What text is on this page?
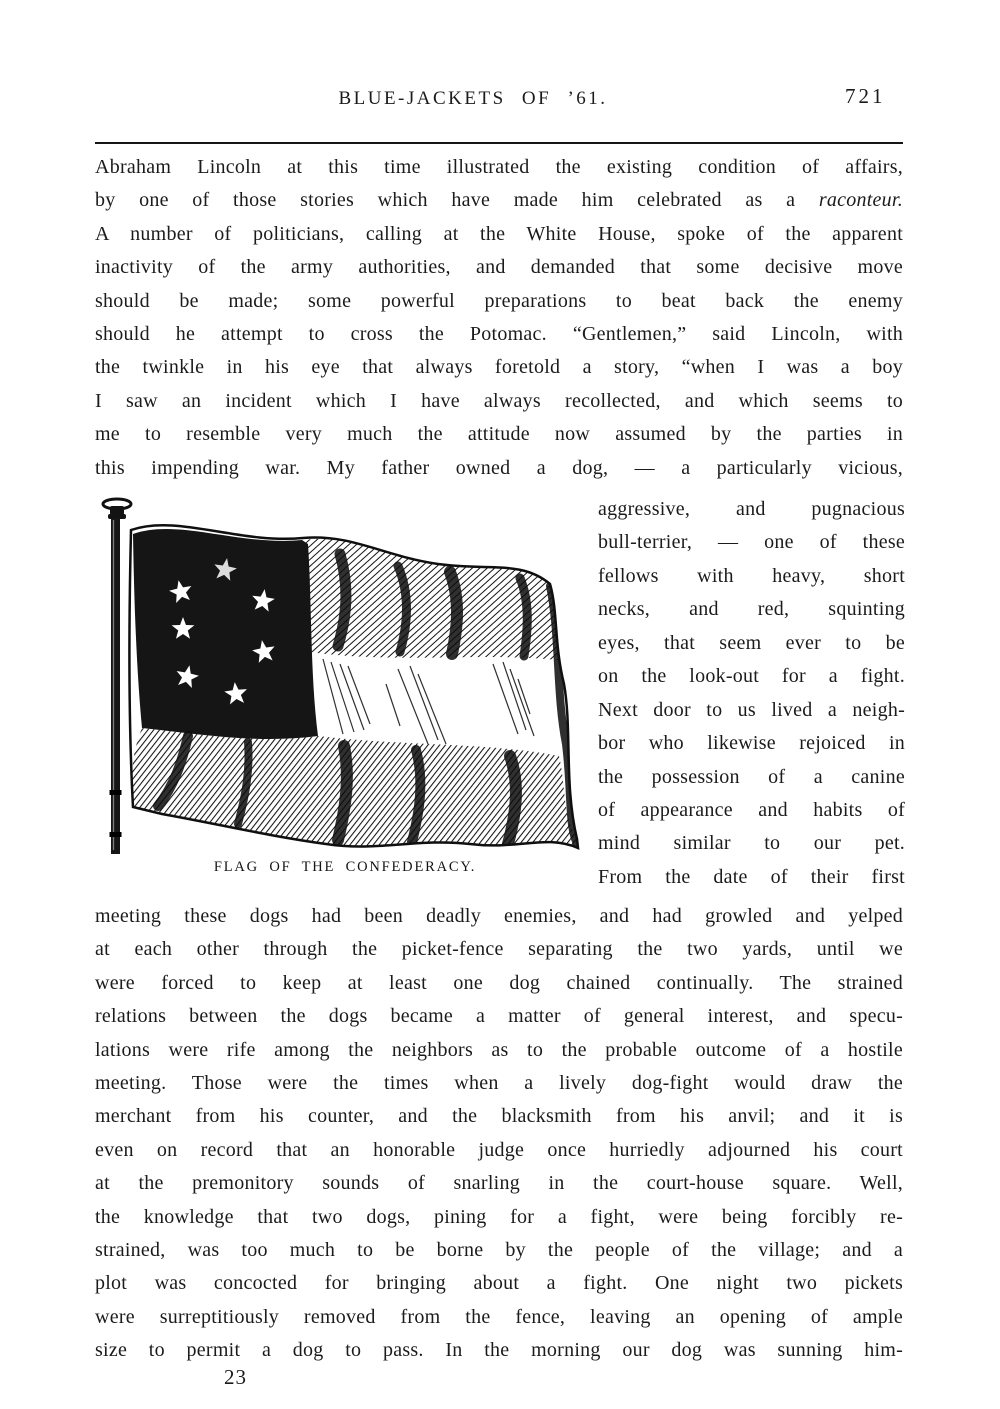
BLUE-JACKETS OF ’61.	721
Abraham Lincoln at this time illustrated the existing condition of affairs,
by one of those stories which have made him celebrated as a raconteur.
A number of politicians, calling at the White House, spoke of the apparent
inactivity of the army authorities, and demanded that some decisive move
should be made; some powerful preparations to beat back the enemy
should he attempt to cross the Potomac. “Gentlemen,” said Lincoln, with
the twinkle in his eye that always foretold a story, “when I was a boy
I saw an incident which I have always recollected, and which seems to
me to resemble very much the attitude now assumed by the parties in
this impending war. My father owned a dog, — a particularly vicious,
FLAG OF THE CONFEDERACY.
aggressive, and pugnacious
bull-terrier, — one of these
fellows with heavy, short
necks, and red, squinting
eyes, that seem ever to be
on the look-out for a fight.
Next door to us lived a neigh-
bor who likewise rejoiced in
the possession of a canine
of appearance and habits of
mind similar to our pet.
From the date of their first
meeting these dogs had been deadly enemies, and had growled and yelped
at each other through the picket-fence separating the two yards, until we
were forced to keep at least one dog chained continually. The strained
relations between the dogs became a matter of general interest, and specu-
lations were rife among the neighbors as to the probable outcome of a hostile
meeting. Those were the times when a lively dog-fight would draw the
merchant from his counter, and the blacksmith from his anvil; and it is
even on record that an honorable judge once hurriedly adjourned his court
at the premonitory sounds of snarling in the court-house square. Well,
the knowledge that two dogs, pining for a fight, were being forcibly re-
strained, was too much to be borne by the people of the village; and a
plot was concocted for bringing about a fight. One night two pickets
were surreptitiously removed from the fence, leaving an opening of ample
size to permit a dog to pass. In the morning our dog was sunning him-
23
